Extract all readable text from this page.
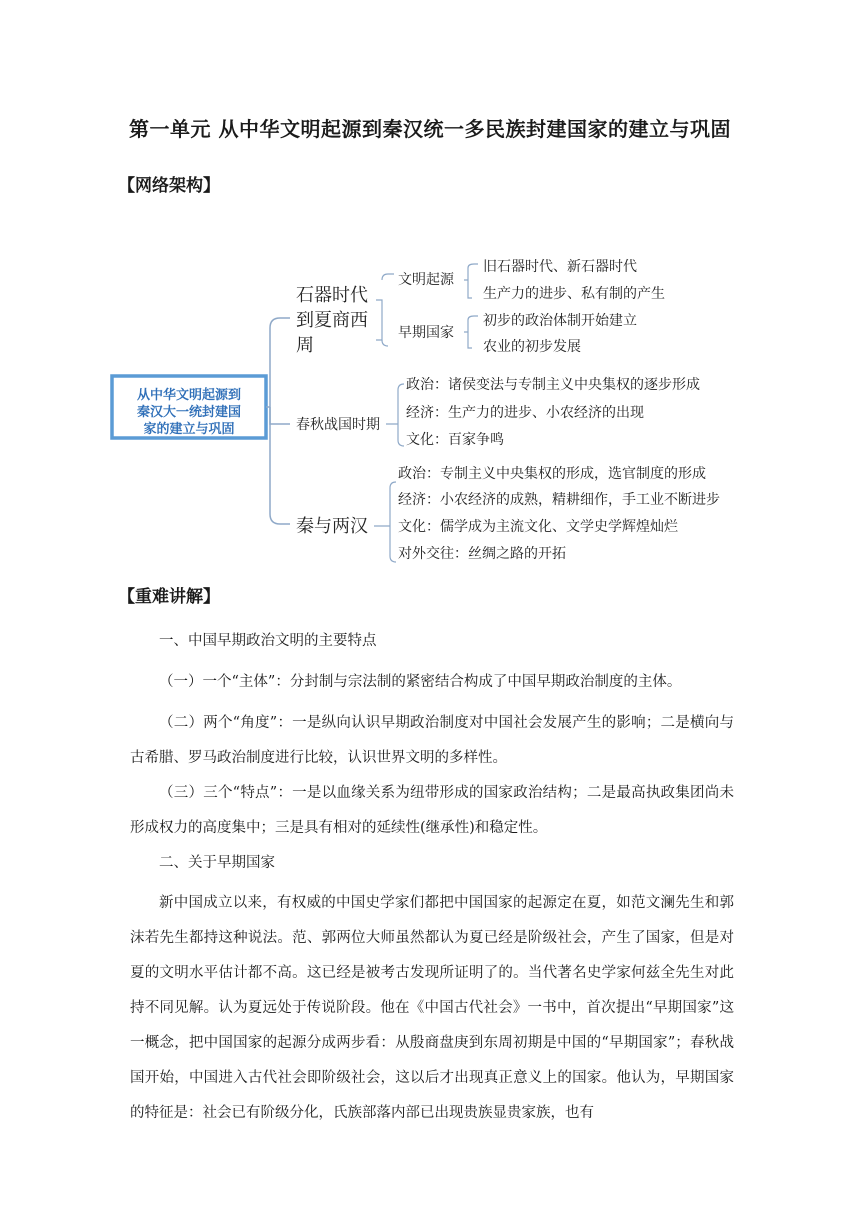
第一单元 从中华文明起源到秦汉统一多民族封建国家的建立与巩固
【网络架构】
从中华文明起源到
秦汉大一统封建国
家的建立与巩固
石器时代
到夏商西
周
文明起源
旧石器时代、新石器时代
生产力的进步、私有制的产生
早期国家
初步的政治体制开始建立
农业的初步发展
春秋战国时期
政治：诸侯变法与专制主义中央集权的逐步形成
经济：生产力的进步、小农经济的出现
文化：百家争鸣
秦与两汉
政治：专制主义中央集权的形成，选官制度的形成
经济：小农经济的成熟，精耕细作，手工业不断进步
文化：儒学成为主流文化、文学史学辉煌灿烂
对外交往：丝绸之路的开拓
【重难讲解】

一、中国早期政治文明的主要特点

（一）一个“主体”：分封制与宗法制的紧密结合构成了中国早期政治制度的主体。

（二）两个“角度”：一是纵向认识早期政治制度对中国社会发展产生的影响；二是横向与古希腊、罗马政治制度进行比较，认识世界文明的多样性。

（三）三个“特点”：一是以血缘关系为纽带形成的国家政治结构；二是最高执政集团尚未形成权力的高度集中；三是具有相对的延续性(继承性)和稳定性。

二、关于早期国家

新中国成立以来，有权威的中国史学家们都把中国国家的起源定在夏，如范文澜先生和郭沫若先生都持这种说法。范、郭两位大师虽然都认为夏已经是阶级社会，产生了国家，但是对夏的文明水平估计都不高。这已经是被考古发现所证明了的。当代著名史学家何兹全先生对此持不同见解。认为夏远处于传说阶段。他在《中国古代社会》一书中，首次提出“早期国家”这一概念，把中国国家的起源分成两步看：从殷商盘庚到东周初期是中国的“早期国家”；春秋战国开始，中国进入古代社会即阶级社会，这以后才出现真正意义上的国家。他认为，早期国家的特征是：社会已有阶级分化，氏族部落内部已出现贵族显贵家族，也有
